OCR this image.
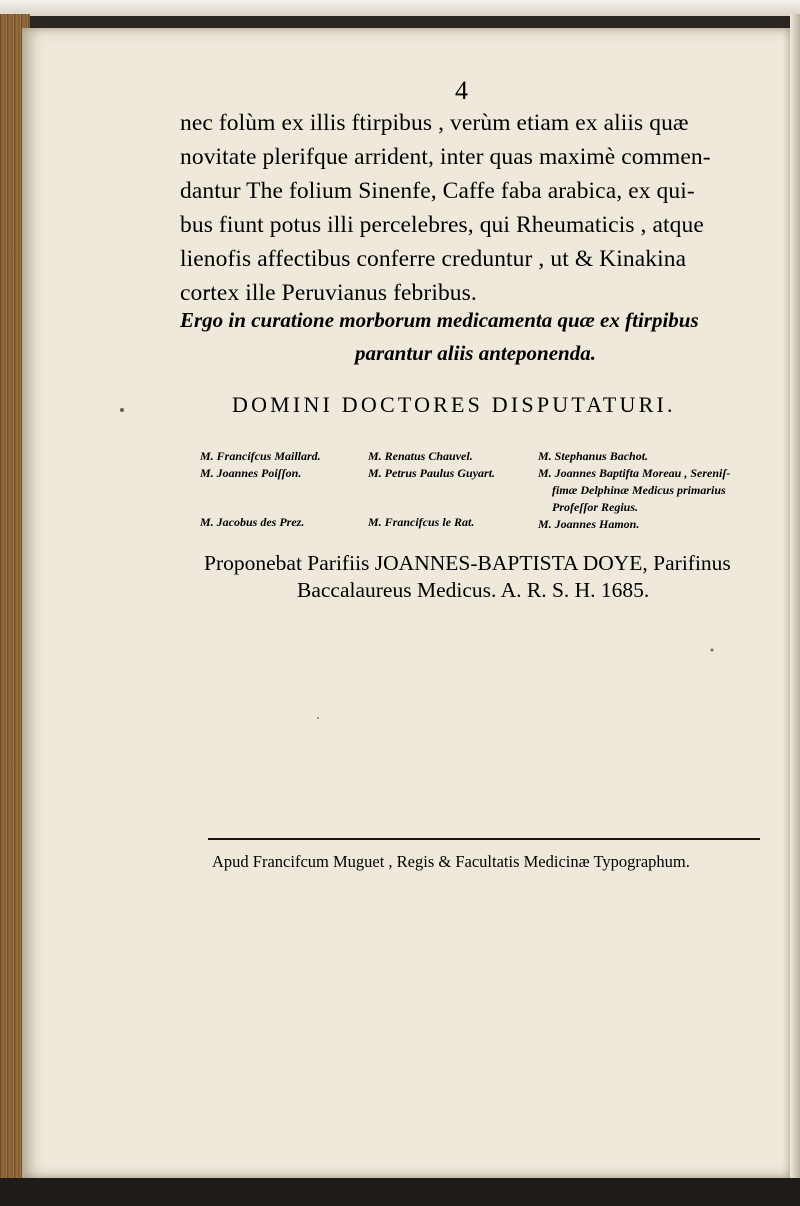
4

nec folùm ex illis ftirpibus , verùm etiam ex aliis quæ
novitate plerifque arrident, inter quas maximè commen-
dantur The folium Sinenfe, Caffe faba arabica, ex qui-
bus fiunt potus illi percelebres, qui Rheumaticis , atque
lienofis affectibus conferre creduntur , ut & Kinakina
cortex ille Peruvianus febribus.

Ergo in curatione morborum medicamenta quæ ex ftirpibus
parantur aliis anteponenda.

DOMINI DOCTORES DISPUTATURI.
M. Francifcus Maillard.
M. Joannes Poiſſon.
M. Jacobus des Prez.
M. Renatus Chauvel.
M. Petrus Paulus Guyart.
M. Francifcus le Rat.
M. Stephanus Bachot.
M. Joannes Baptifta Moreau , Sereniſ-
fimæ Delphinæ Medicus primarius
Profeſſor Regius.
M. Joannes Hamon.

Proponebat Parifiis JOANNES-BAPTISTA DOYE, Parifinus
Baccalaureus Medicus. A. R. S. H. 1685.

Apud Francifcum Muguet , Regis & Facultatis Medicinæ Typographum.
